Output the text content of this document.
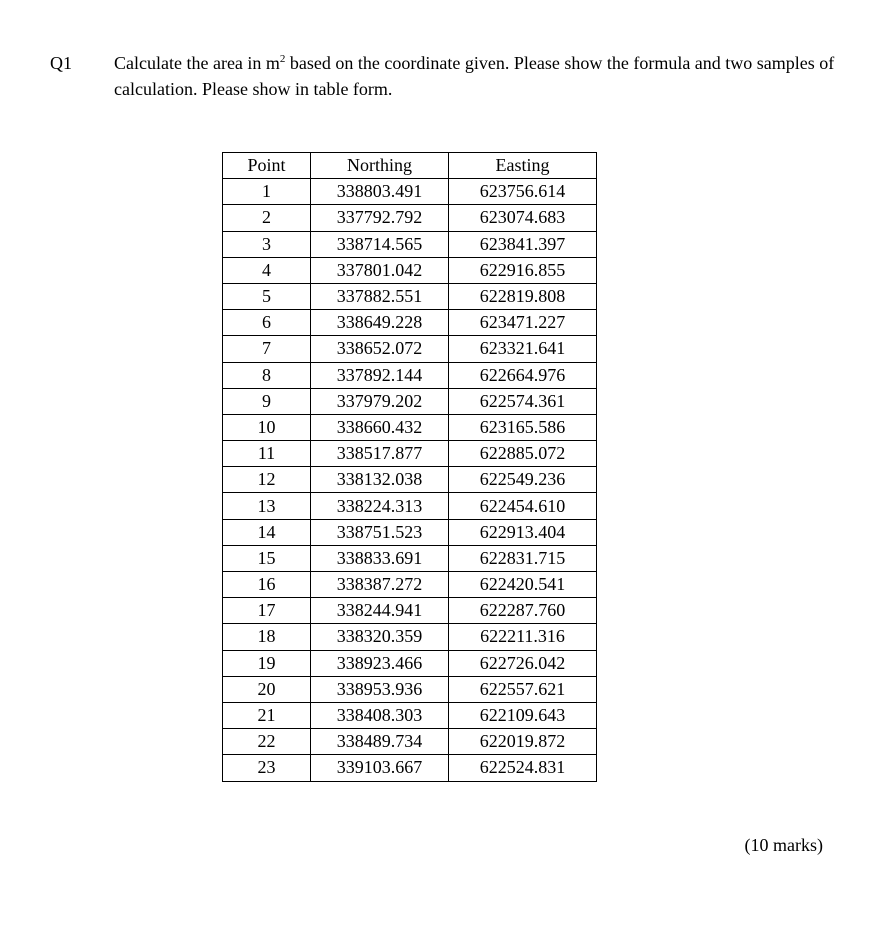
Q1 Calculate the area in $m^2$ based on the coordinate given. Please show the formula and two samples of calculation. Please show in table form.
Point	Northing	Easting
1	338803.491	623756.614
2	337792.792	623074.683
3	338714.565	623841.397
4	337801.042	622916.855
5	337882.551	622819.808
6	338649.228	623471.227
7	338652.072	623321.641
8	337892.144	622664.976
9	337979.202	622574.361
10	338660.432	623165.586
11	338517.877	622885.072
12	338132.038	622549.236
13	338224.313	622454.610
14	338751.523	622913.404
15	338833.691	622831.715
16	338387.272	622420.541
17	338244.941	622287.760
18	338320.359	622211.316
19	338923.466	622726.042
20	338953.936	622557.621
21	338408.303	622109.643
22	338489.734	622019.872
23	339103.667	622524.831
(10 marks)
